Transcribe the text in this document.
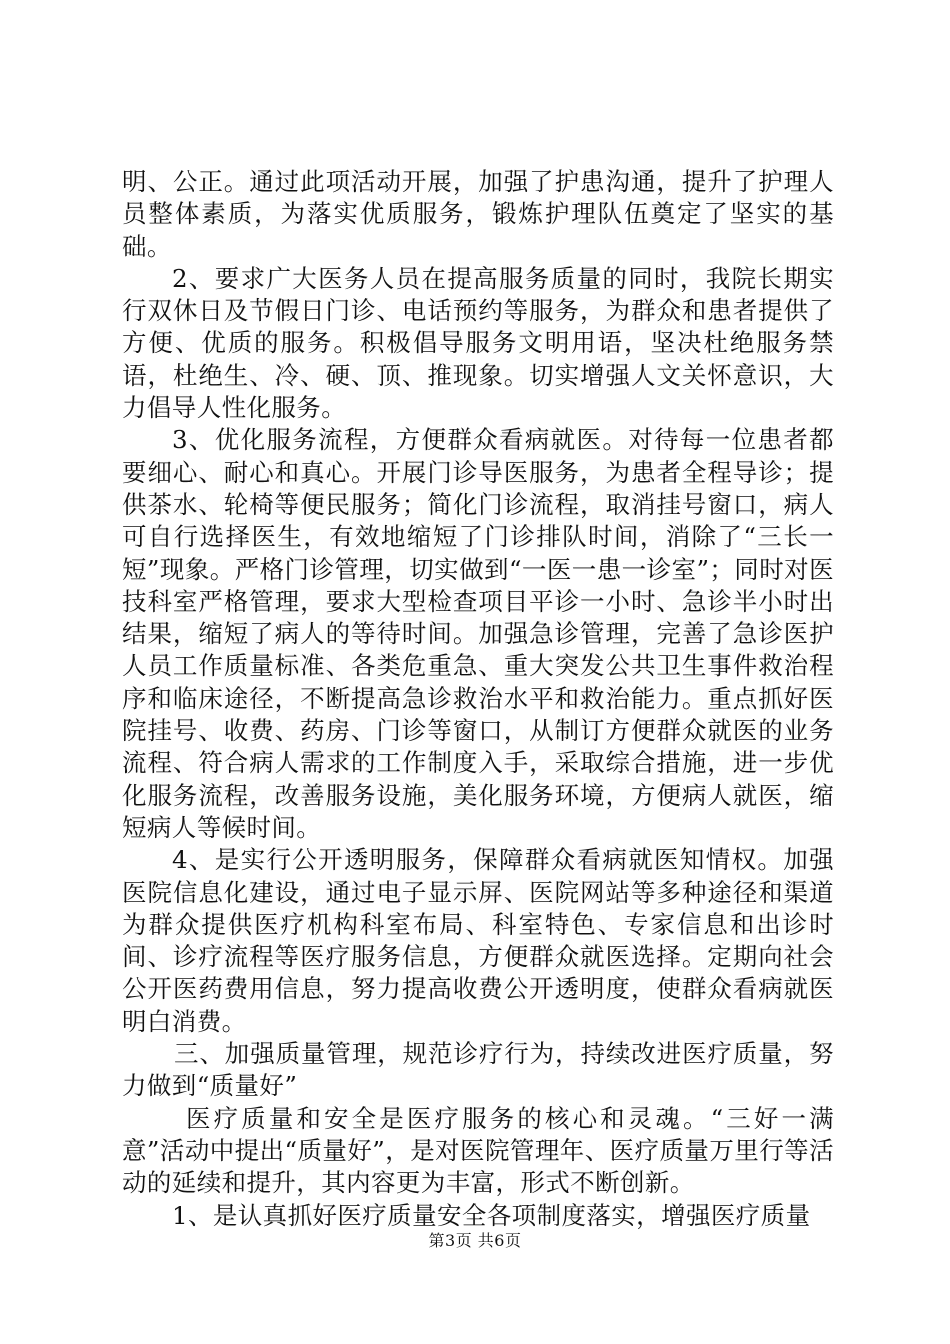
明、公正。通过此项活动开展，加强了护患沟通，提升了护理人员整体素质，为落实优质服务，锻炼护理队伍奠定了坚实的基础。

2、要求广大医务人员在提高服务质量的同时，我院长期实行双休日及节假日门诊、电话预约等服务，为群众和患者提供了方便、优质的服务。积极倡导服务文明用语，坚决杜绝服务禁语，杜绝生、冷、硬、顶、推现象。切实增强人文关怀意识，大力倡导人性化服务。

3、优化服务流程，方便群众看病就医。对待每一位患者都要细心、耐心和真心。开展门诊导医服务，为患者全程导诊；提供茶水、轮椅等便民服务；简化门诊流程，取消挂号窗口，病人可自行选择医生，有效地缩短了门诊排队时间，消除了“三长一短”现象。严格门诊管理，切实做到“一医一患一诊室”；同时对医技科室严格管理，要求大型检查项目平诊一小时、急诊半小时出结果，缩短了病人的等待时间。加强急诊管理，完善了急诊医护人员工作质量标准、各类危重急、重大突发公共卫生事件救治程序和临床途径，不断提高急诊救治水平和救治能力。重点抓好医院挂号、收费、药房、门诊等窗口，从制订方便群众就医的业务流程、符合病人需求的工作制度入手，采取综合措施，进一步优化服务流程，改善服务设施，美化服务环境，方便病人就医，缩短病人等候时间。

4、是实行公开透明服务，保障群众看病就医知情权。加强医院信息化建设，通过电子显示屏、医院网站等多种途径和渠道为群众提供医疗机构科室布局、科室特色、专家信息和出诊时间、诊疗流程等医疗服务信息，方便群众就医选择。定期向社会公开医药费用信息，努力提高收费公开透明度，使群众看病就医明白消费。

三、加强质量管理，规范诊疗行为，持续改进医疗质量，努力做到“质量好”

医疗质量和安全是医疗服务的核心和灵魂。“三好一满意”活动中提出“质量好”，是对医院管理年、医疗质量万里行等活动的延续和提升，其内容更为丰富，形式不断创新。

1、是认真抓好医疗质量安全各项制度落实，增强医疗质量

第3页 共6页
